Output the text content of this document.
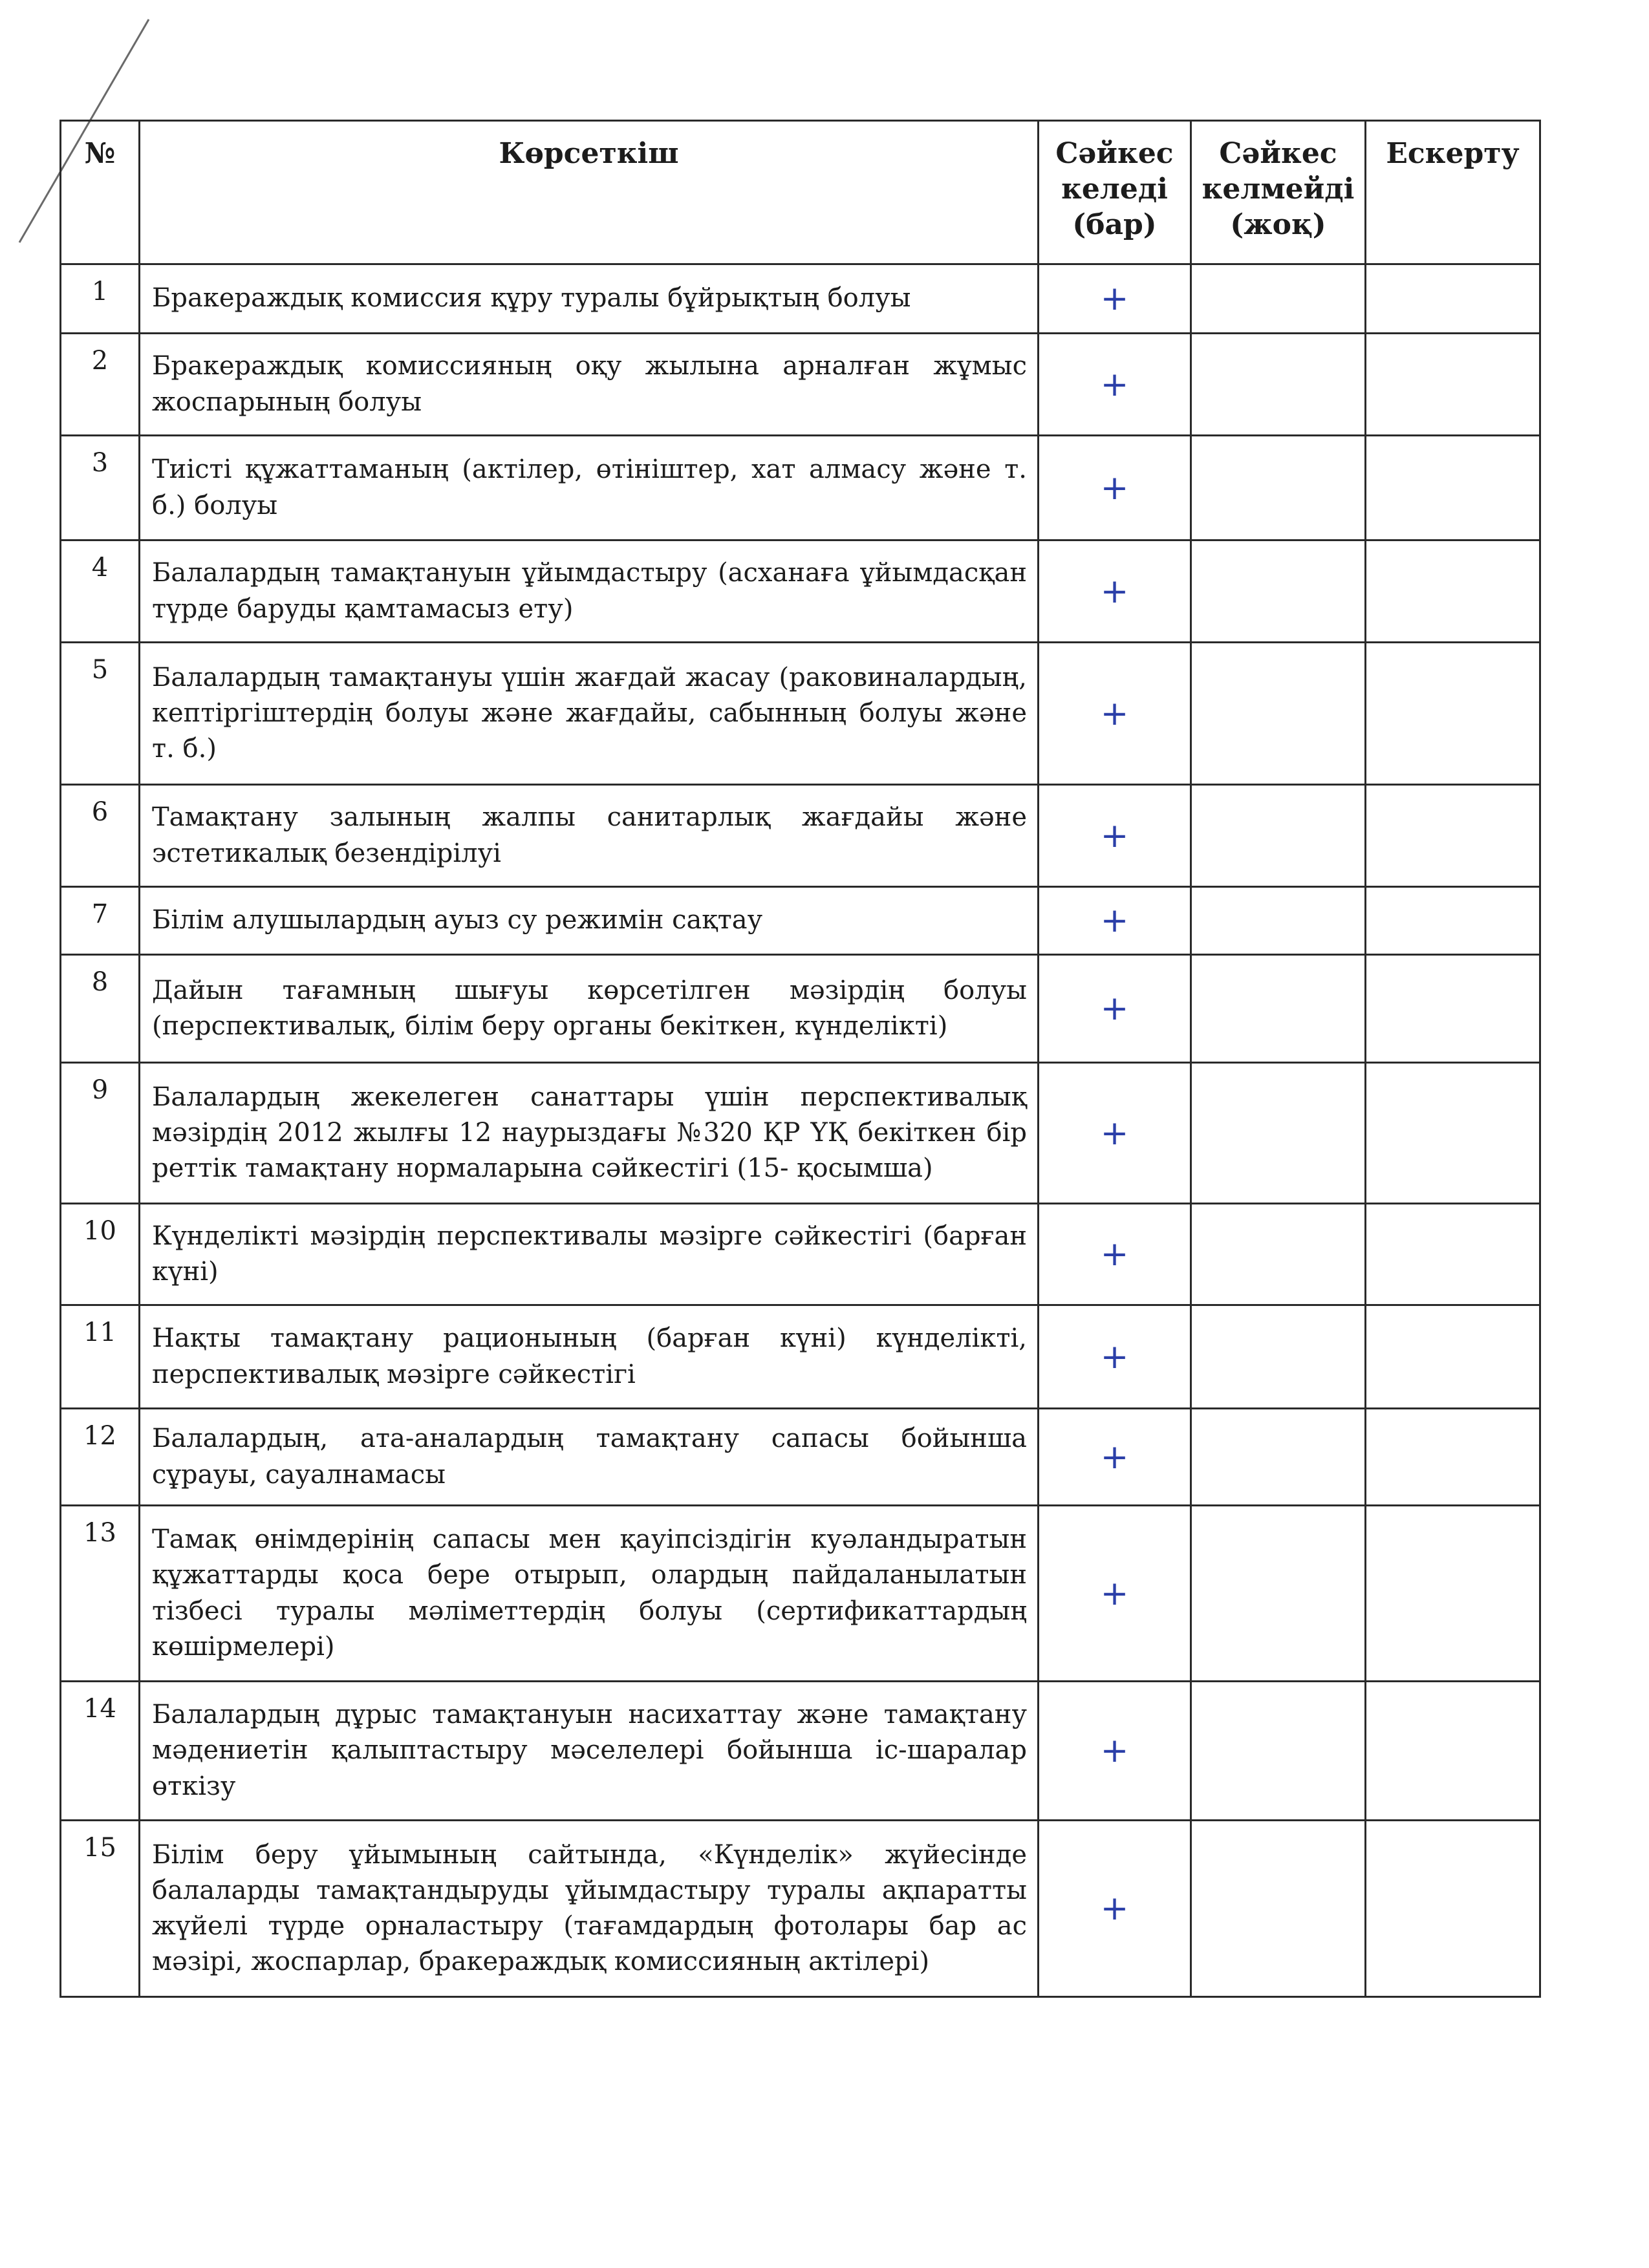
№	Көрсеткіш	Сәйкес
келеді
(бар)	Сәйкес
келмейді
(жоқ)	Ескерту
1	Бракераждық комиссия құру туралы бұйрықтың болуы	+		
2	Бракераждық комиссияның оқу жылына арналған жұмыс жоспарының болуы	+		
3	Тиісті құжаттаманың (актілер, өтініштер, хат алмасу және т. б.) болуы	+		
4	Балалардың тамақтануын ұйымдастыру (асханаға ұйымдасқан түрде баруды қамтамасыз ету)	+		
5	Балалардың тамақтануы үшін жағдай жасау (раковиналардың, кептіргіштердің болуы және жағдайы, сабынның болуы және т. б.)	+		
6	Тамақтану залының жалпы санитарлық жағдайы және эстетикалық безендірілуі	+		
7	Білім алушылардың ауыз су режимін сақтау	+		
8	Дайын тағамның шығуы көрсетілген мәзірдің болуы (перспективалық, білім беру органы бекіткен, күнделікті)	+		
9	Балалардың жекелеген санаттары үшін перспективалық мәзірдің 2012 жылғы 12 наурыздағы №320 ҚР ҮҚ бекіткен бір реттік тамақтану нормаларына сәйкестігі (15- қосымша)	+		
10	Күнделікті мәзірдің перспективалы мәзірге сәйкестігі (барған күні)	+		
11	Нақты тамақтану рационының (барған күні) күнделікті, перспективалық мәзірге сәйкестігі	+		
12	Балалардың, ата-аналардың тамақтану сапасы бойынша сұрауы, сауалнамасы	+		
13	Тамақ өнімдерінің сапасы мен қауіпсіздігін куәландыратын құжаттарды қоса бере отырып, олардың пайдаланылатын тізбесі туралы мәліметтердің болуы (сертификаттардың көшірмелері)	+		
14	Балалардың дұрыс тамақтануын насихаттау және тамақтану мәдениетін қалыптастыру мәселелері бойынша іс-шаралар өткізу	+		
15	Білім беру ұйымының сайтында, «Күнделік» жүйесінде балаларды тамақтандыруды ұйымдастыру туралы ақпаратты жүйелі түрде орналастыру (тағамдардың фотолары бар ас мәзірі, жоспарлар, бракераждық комиссияның актілері)	+		
